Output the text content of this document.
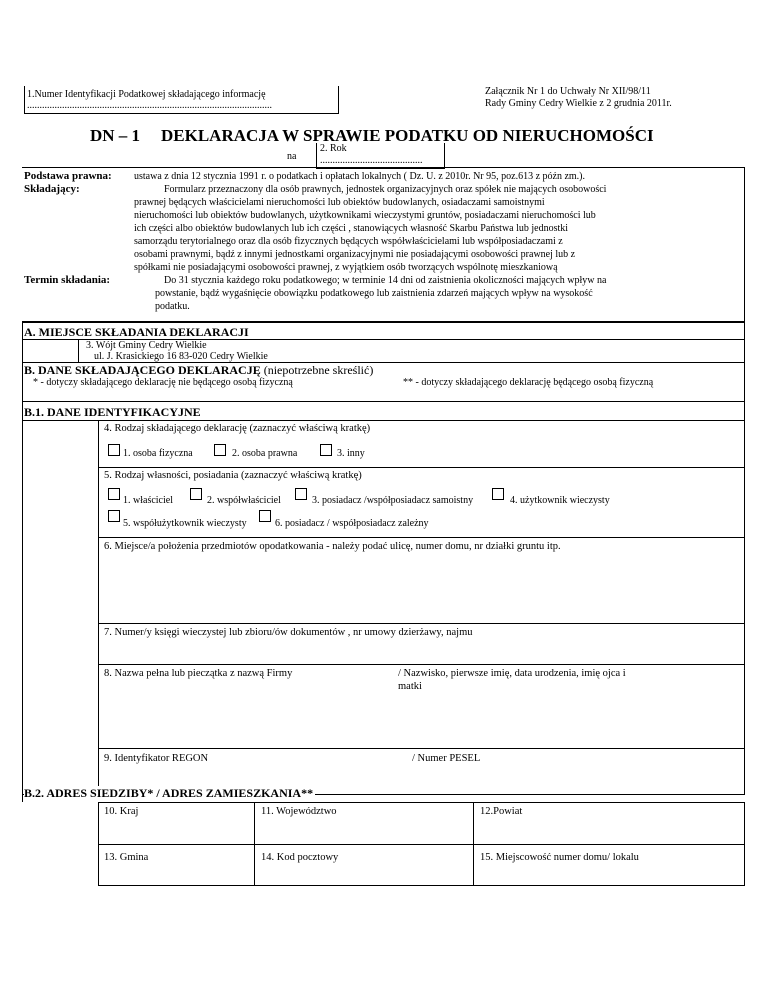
1.Numer Identyfikacji Podatkowej składającego informację
..................................................................................................
Załącznik Nr 1 do Uchwały Nr XII/98/11
Rady Gminy Cedry Wielkie z 2 grudnia 2011r.
DN – 1 DEKLARACJA W SPRAWIE PODATKU OD NIERUCHOMOŚCI
na
2. Rok
.........................................
Podstawa prawna: ustawa z dnia 12 stycznia 1991 r. o podatkach i opłatach lokalnych ( Dz. U. z 2010r. Nr 95, poz.613 z późn zm.).
Składający:	Formularz przeznaczony dla osób prawnych, jednostek organizacyjnych oraz spółek nie mających osobowości
prawnej będących właścicielami nieruchomości lub obiektów budowlanych, osiadaczami samoistnymi
nieruchomości lub obiektów budowlanych, użytkownikami wieczystymi gruntów, posiadaczami nieruchomości lub
ich części albo obiektów budowlanych lub ich części , stanowiących własność Skarbu Państwa lub jednostki
samorządu terytorialnego oraz dla osób fizycznych będących współwłaścicielami lub współposiadaczami z
osobami prawnymi, bądź z innymi jednostkami organizacyjnymi nie posiadającymi osobowości prawnej lub z
spółkami nie posiadającymi osobowości prawnej, z wyjątkiem osób tworzących wspólnotę mieszkaniową
Termin składania:	Do 31 stycznia każdego roku podatkowego; w terminie 14 dni od zaistnienia okoliczności mających wpływ na
powstanie, bądź wygaśnięcie obowiązku podatkowego lub zaistnienia zdarzeń mających wpływ na wysokość
podatku.
A. MIEJSCE SKŁADANIA DEKLARACJI
3. Wójt Gminy Cedry Wielkie
ul. J. Krasickiego 16 83-020 Cedry Wielkie
B. DANE SKŁADAJĄCEGO DEKLARACJĘ (niepotrzebne skreślić)
* - dotyczy składającego deklarację nie będącego osobą fizyczną	** - dotyczy składającego deklarację będącego osobą fizyczną
B.1. DANE IDENTYFIKACYJNE
4. Rodzaj składającego deklarację (zaznaczyć właściwą kratkę)
1. osoba fizyczna	2. osoba prawna	3. inny
5. Rodzaj własności, posiadania (zaznaczyć właściwą kratkę)
1. właściciel	2. współwłaściciel	3. posiadacz /współposiadacz samoistny	4. użytkownik wieczysty
5. współużytkownik wieczysty	6. posiadacz / współposiadacz zależny
6. Miejsce/a położenia przedmiotów opodatkowania - należy podać ulicę, numer domu, nr działki gruntu itp.
7. Numer/y księgi wieczystej lub zbioru/ów dokumentów , nr umowy dzierżawy, najmu
8. Nazwa pełna lub pieczątka z nazwą Firmy	/ Nazwisko, pierwsze imię, data urodzenia, imię ojca i
matki
9. Identyfikator REGON	/ Numer PESEL
B.2. ADRES SIEDZIBY* / ADRES ZAMIESZKANIA**
10. Kraj	11. Województwo	12.Powiat
13. Gmina	14. Kod pocztowy	15. Miejscowość numer domu/ lokalu
